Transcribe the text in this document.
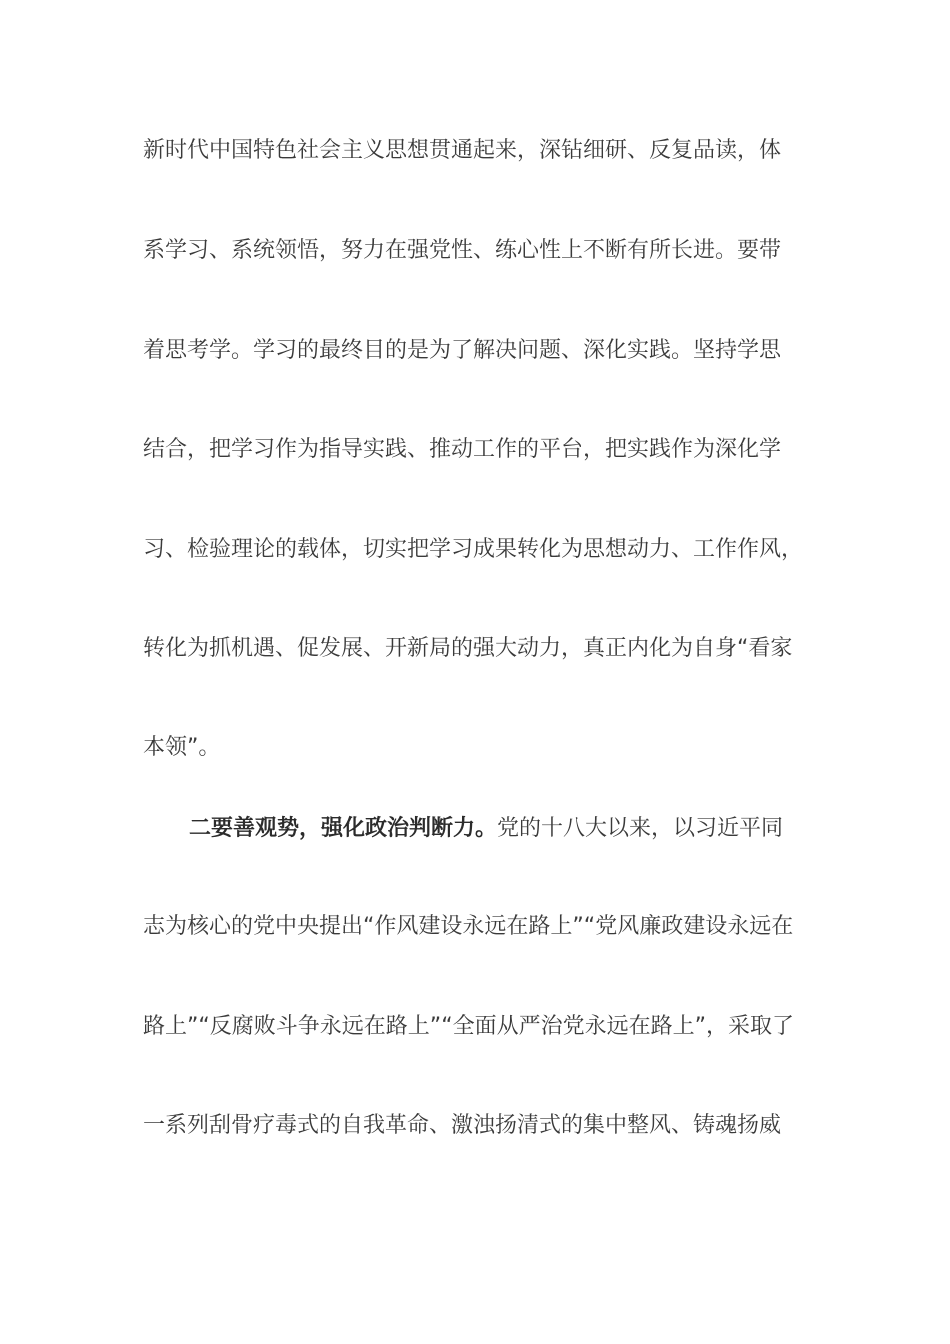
新时代中国特色社会主义思想贯通起来，深钻细研、反复品读，体
系学习、系统领悟，努力在强党性、练心性上不断有所长进。要带
着思考学。学习的最终目的是为了解决问题、深化实践。坚持学思
结合，把学习作为指导实践、推动工作的平台，把实践作为深化学
习、检验理论的载体，切实把学习成果转化为思想动力、工作作风，
转化为抓机遇、促发展、开新局的强大动力，真正内化为自身“看家
本领”。
二要善观势，强化政治判断力。党的十八大以来，以习近平同
志为核心的党中央提出“作风建设永远在路上”“党风廉政建设永远在
路上”“反腐败斗争永远在路上”“全面从严治党永远在路上”，采取了
一系列刮骨疗毒式的自我革命、激浊扬清式的集中整风、铸魂扬威
